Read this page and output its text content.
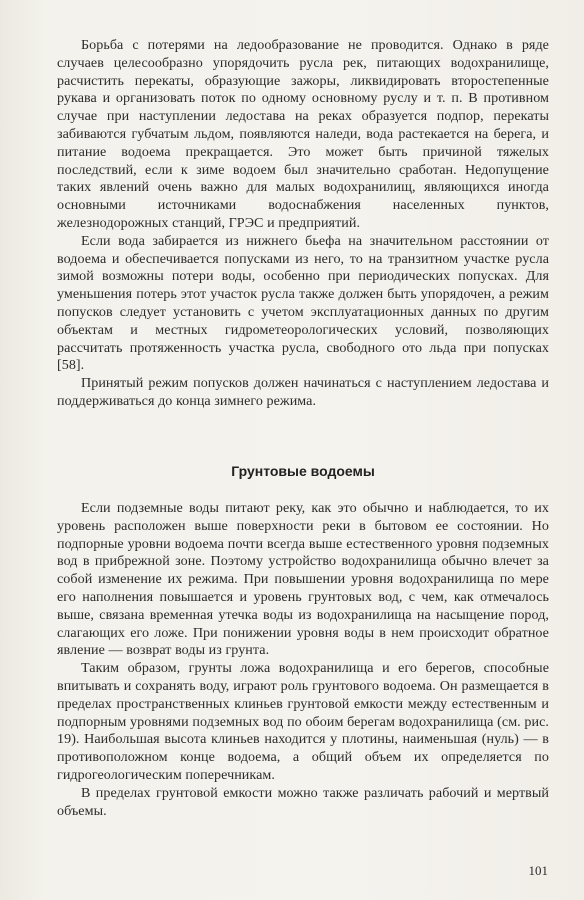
Борьба с потерями на ледообразование не проводится. Однако в ряде случаев целесообразно упорядочить русла рек, питающих водохранилище, расчистить перекаты, образующие зажоры, ликвидировать второстепенные рукава и организовать поток по одному основному руслу и т. п. В противном случае при наступлении ледостава на реках образуется подпор, перекаты забиваются губчатым льдом, появляются наледи, вода растекается на берега, и питание водоема прекращается. Это может быть причиной тяжелых последствий, если к зиме водоем был значительно сработан. Недопущение таких явлений очень важно для малых водохранилищ, являющихся иногда основными источниками водоснабжения населенных пунктов, железнодорожных станций, ГРЭС и предприятий.

Если вода забирается из нижнего бьефа на значительном расстоянии от водоема и обеспечивается попусками из него, то на транзитном участке русла зимой возможны потери воды, особенно при периодических попусках. Для уменьшения потерь этот участок русла также должен быть упорядочен, а режим попусков следует установить с учетом эксплуатационных данных по другим объектам и местных гидрометеорологических условий, позволяющих рассчитать протяженность участка русла, свободного ото льда при попусках [58].

Принятый режим попусков должен начинаться с наступлением ледостава и поддерживаться до конца зимнего режима.

Грунтовые водоемы

Если подземные воды питают реку, как это обычно и наблюдается, то их уровень расположен выше поверхности реки в бытовом ее состоянии. Но подпорные уровни водоема почти всегда выше естественного уровня подземных вод в прибрежной зоне. Поэтому устройство водохранилища обычно влечет за собой изменение их режима. При повышении уровня водохранилища по мере его наполнения повышается и уровень грунтовых вод, с чем, как отмечалось выше, связана временная утечка воды из водохранилища на насыщение пород, слагающих его ложе. При понижении уровня воды в нем происходит обратное явление — возврат воды из грунта.

Таким образом, грунты ложа водохранилища и его берегов, способные впитывать и сохранять воду, играют роль грунтового водоема. Он размещается в пределах пространственных клиньев грунтовой емкости между естественным и подпорным уровнями подземных вод по обоим берегам водохранилища (см. рис. 19). Наибольшая высота клиньев находится у плотины, наименьшая (нуль) — в противоположном конце водоема, а общий объем их определяется по гидрогеологическим поперечникам.

В пределах грунтовой емкости можно также различать рабочий и мертвый объемы.

101
